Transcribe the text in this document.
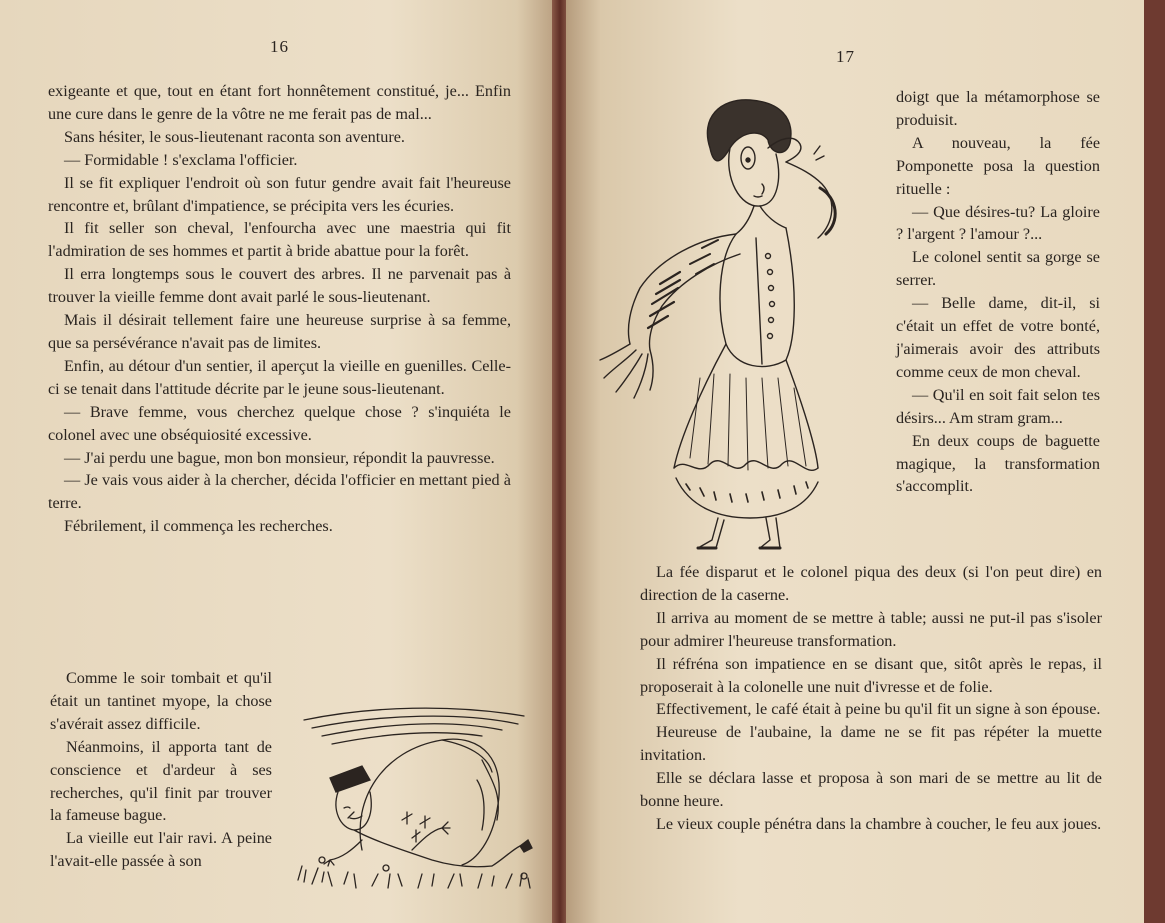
16

exigeante et que, tout en étant fort honnêtement constitué, je... Enfin une cure dans le genre de la vôtre ne me ferait pas de mal...

Sans hésiter, le sous-lieutenant raconta son aventure.

— Formidable ! s'exclama l'officier.

Il se fit expliquer l'endroit où son futur gendre avait fait l'heureuse rencontre et, brûlant d'impatience, se précipita vers les écuries.

Il fit seller son cheval, l'enfourcha avec une maestria qui fit l'admiration de ses hommes et partit à bride abattue pour la forêt.

Il erra longtemps sous le couvert des arbres. Il ne parvenait pas à trouver la vieille femme dont avait parlé le sous-lieutenant.

Mais il désirait tellement faire une heureuse surprise à sa femme, que sa persévérance n'avait pas de limites.

Enfin, au détour d'un sentier, il aperçut la vieille en guenilles. Celle-ci se tenait dans l'attitude décrite par le jeune sous-lieutenant.

— Brave femme, vous cherchez quelque chose ? s'inquiéta le colonel avec une obséquiosité excessive.

— J'ai perdu une bague, mon bon monsieur, répondit la pauvresse.

— Je vais vous aider à la chercher, décida l'officier en mettant pied à terre.

Fébrilement, il commença les recherches.

Comme le soir tombait et qu'il était un tantinet myope, la chose s'avérait assez difficile.

Néanmoins, il apporta tant de conscience et d'ardeur à ses recherches, qu'il finit par trouver la fameuse bague.

La vieille eut l'air ravi. A peine l'avait-elle passée à son

17

doigt que la métamorphose se produisit.

A nouveau, la fée Pomponette posa la question rituelle :

— Que désires-tu? La gloire ? l'argent ? l'amour ?...

Le colonel sentit sa gorge se serrer.

— Belle dame, dit-il, si c'était un effet de votre bonté, j'aimerais avoir des attributs comme ceux de mon cheval.

— Qu'il en soit fait selon tes désirs... Am stram gram...

En deux coups de baguette magique, la transformation s'accomplit.

La fée disparut et le colonel piqua des deux (si l'on peut dire) en direction de la caserne.

Il arriva au moment de se mettre à table; aussi ne put-il pas s'isoler pour admirer l'heureuse transformation.

Il réfréna son impatience en se disant que, sitôt après le repas, il proposerait à la colonelle une nuit d'ivresse et de folie.

Effectivement, le café était à peine bu qu'il fit un signe à son épouse.

Heureuse de l'aubaine, la dame ne se fit pas répéter la muette invitation.

Elle se déclara lasse et proposa à son mari de se mettre au lit de bonne heure.

Le vieux couple pénétra dans la chambre à coucher, le feu aux joues.
